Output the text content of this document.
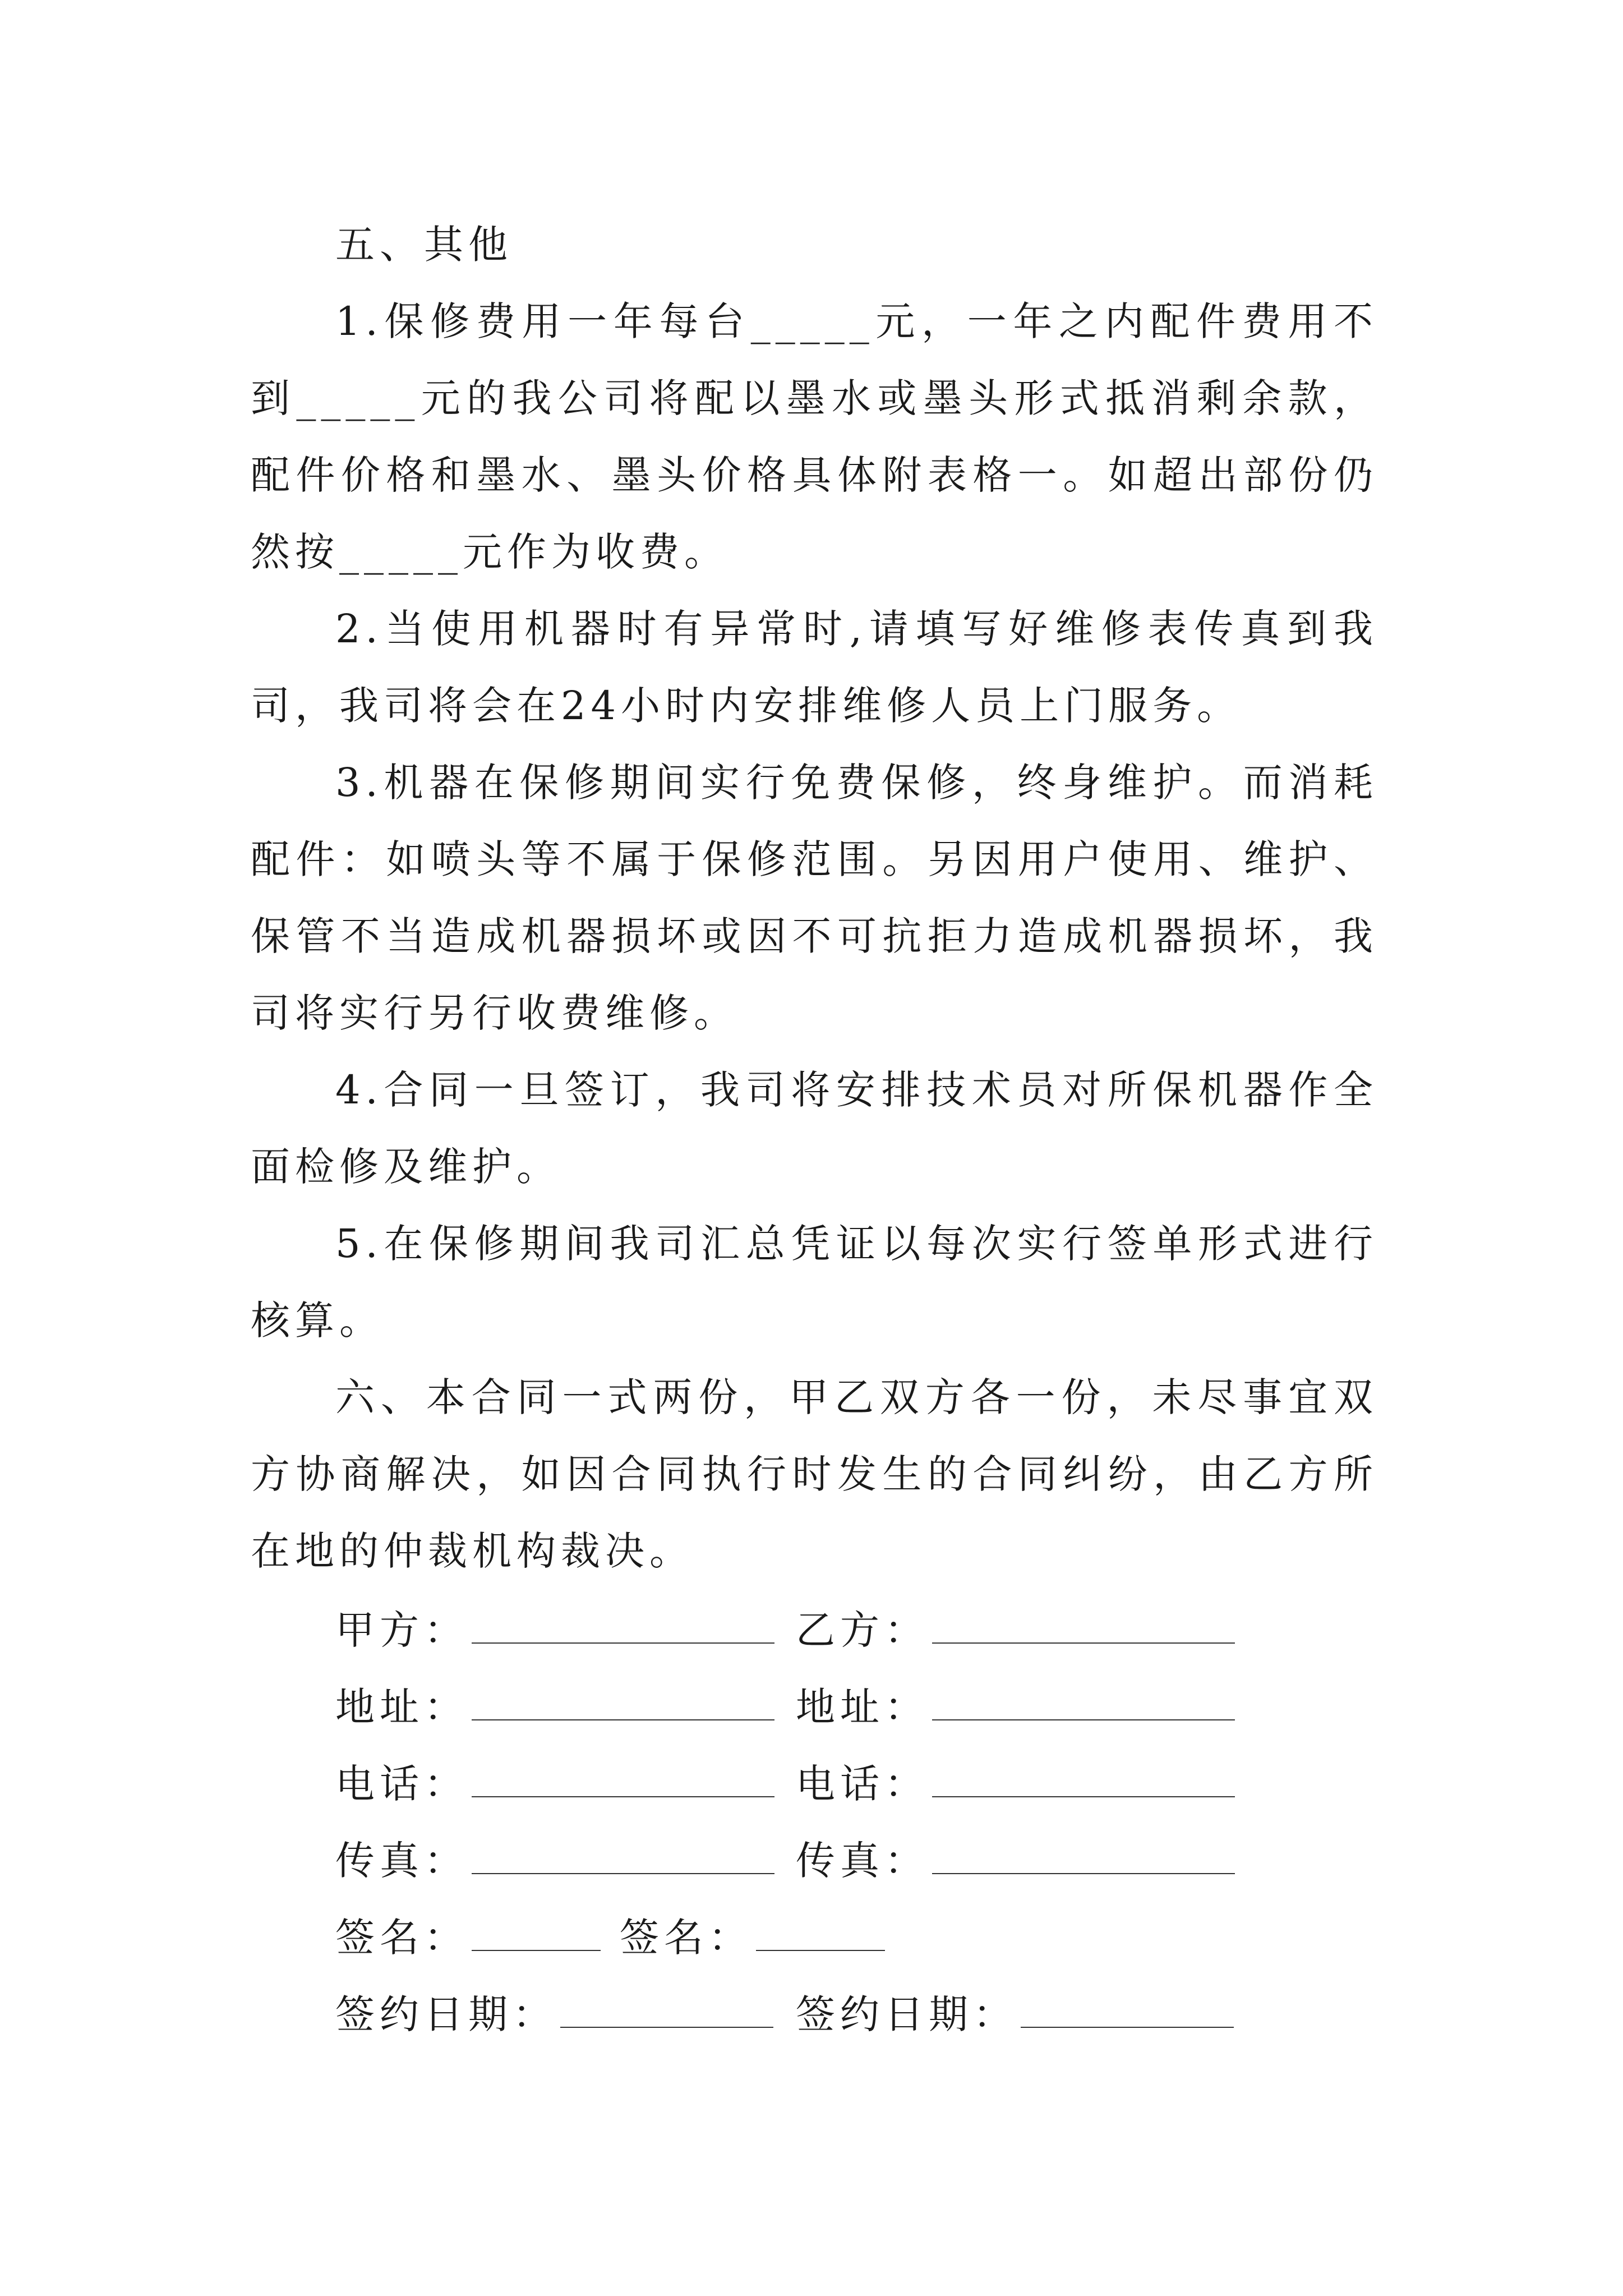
五、其他

1.保修费用一年每台_____元，一年之内配件费用不到_____元的我公司将配以墨水或墨头形式抵消剩余款，配件价格和墨水、墨头价格具体附表格一。如超出部份仍然按_____元作为收费。

2.当使用机器时有异常时,请填写好维修表传真到我司，我司将会在24小时内安排维修人员上门服务。

3.机器在保修期间实行免费保修，终身维护。而消耗配件：如喷头等不属于保修范围。另因用户使用、维护、保管不当造成机器损坏或因不可抗拒力造成机器损坏，我司将实行另行收费维修。

4.合同一旦签订，我司将安排技术员对所保机器作全面检修及维护。

5.在保修期间我司汇总凭证以每次实行签单形式进行核算。

六、本合同一式两份，甲乙双方各一份，未尽事宜双方协商解决，如因合同执行时发生的合同纠纷，由乙方所在地的仲裁机构裁决。

甲方：	乙方：
地址：	地址：
电话：	电话：
传真：	传真：
签名：	签名：
签约日期：	签约日期：
